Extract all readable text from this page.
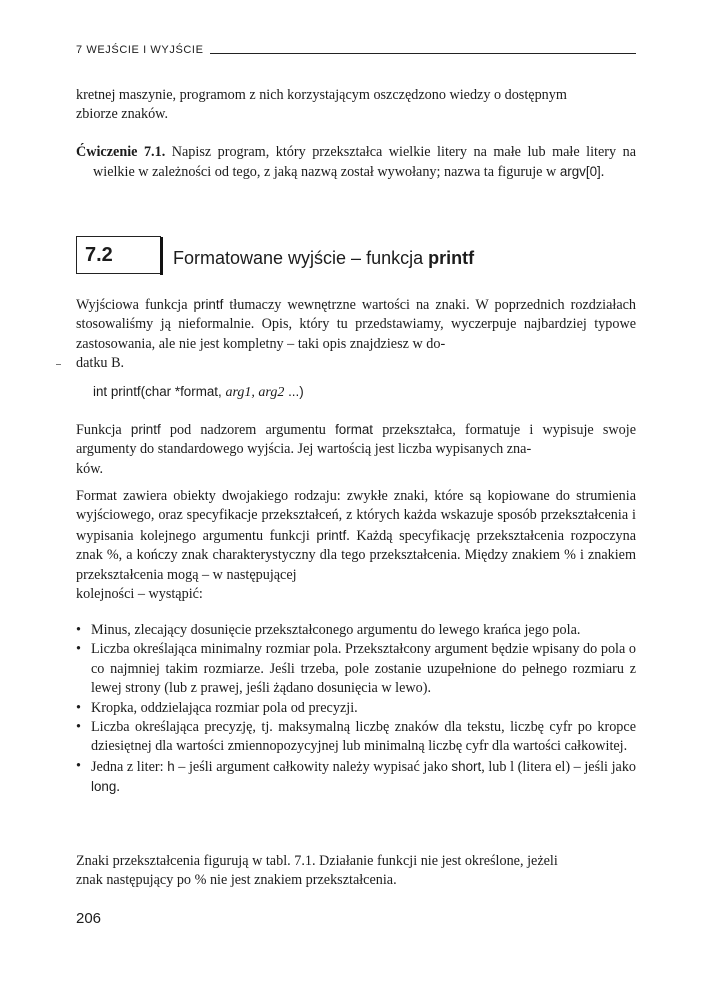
7 WEJŚCIE I WYJŚCIE

kretnej maszynie, programom z nich korzystającym oszczędzono wiedzy o dostępnym
zbiorze znaków.

Ćwiczenie 7.1. Napisz program, który przekształca wielkie litery na małe lub małe litery na wielkie w zależności od tego, z jaką nazwą został wywołany; nazwa ta figuruje w argv[0].

7.2	Formatowane wyjście – funkcja printf

Wyjściowa funkcja printf tłumaczy wewnętrzne wartości na znaki. W poprzednich rozdziałach stosowaliśmy ją nieformalnie. Opis, który tu przedstawiamy, wyczerpuje najbardziej typowe zastosowania, ale nie jest kompletny – taki opis znajdziesz w do-
datku B.

int printf(char *format, arg1, arg2 ...)

Funkcja printf pod nadzorem argumentu format przekształca, formatuje i wypisuje swoje argumenty do standardowego wyjścia. Jej wartością jest liczba wypisanych zna-
ków.

Format zawiera obiekty dwojakiego rodzaju: zwykłe znaki, które są kopiowane do strumienia wyjściowego, oraz specyfikacje przekształceń, z których każda wskazuje sposób przekształcenia i wypisania kolejnego argumentu funkcji printf. Każdą specyfikację przekształcenia rozpoczyna znak %, a kończy znak charakterystyczny dla tego przekształcenia. Między znakiem % i znakiem przekształcenia mogą – w następującej
kolejności – wystąpić:

• Minus, zlecający dosunięcie przekształconego argumentu do lewego krańca jego pola.
• Liczba określająca minimalny rozmiar pola. Przekształcony argument będzie wpisany do pola o co najmniej takim rozmiarze. Jeśli trzeba, pole zostanie uzupełnione do pełnego rozmiaru z lewej strony (lub z prawej, jeśli żądano dosunięcia w lewo).
• Kropka, oddzielająca rozmiar pola od precyzji.
• Liczba określająca precyzję, tj. maksymalną liczbę znaków dla tekstu, liczbę cyfr po kropce dziesiętnej dla wartości zmiennopozycyjnej lub minimalną liczbę cyfr dla wartości całkowitej.
• Jedna z liter: h – jeśli argument całkowity należy wypisać jako short, lub l (litera el) – jeśli jako long.

Znaki przekształcenia figurują w tabl. 7.1. Działanie funkcji nie jest określone, jeżeli
znak następujący po % nie jest znakiem przekształcenia.

206
